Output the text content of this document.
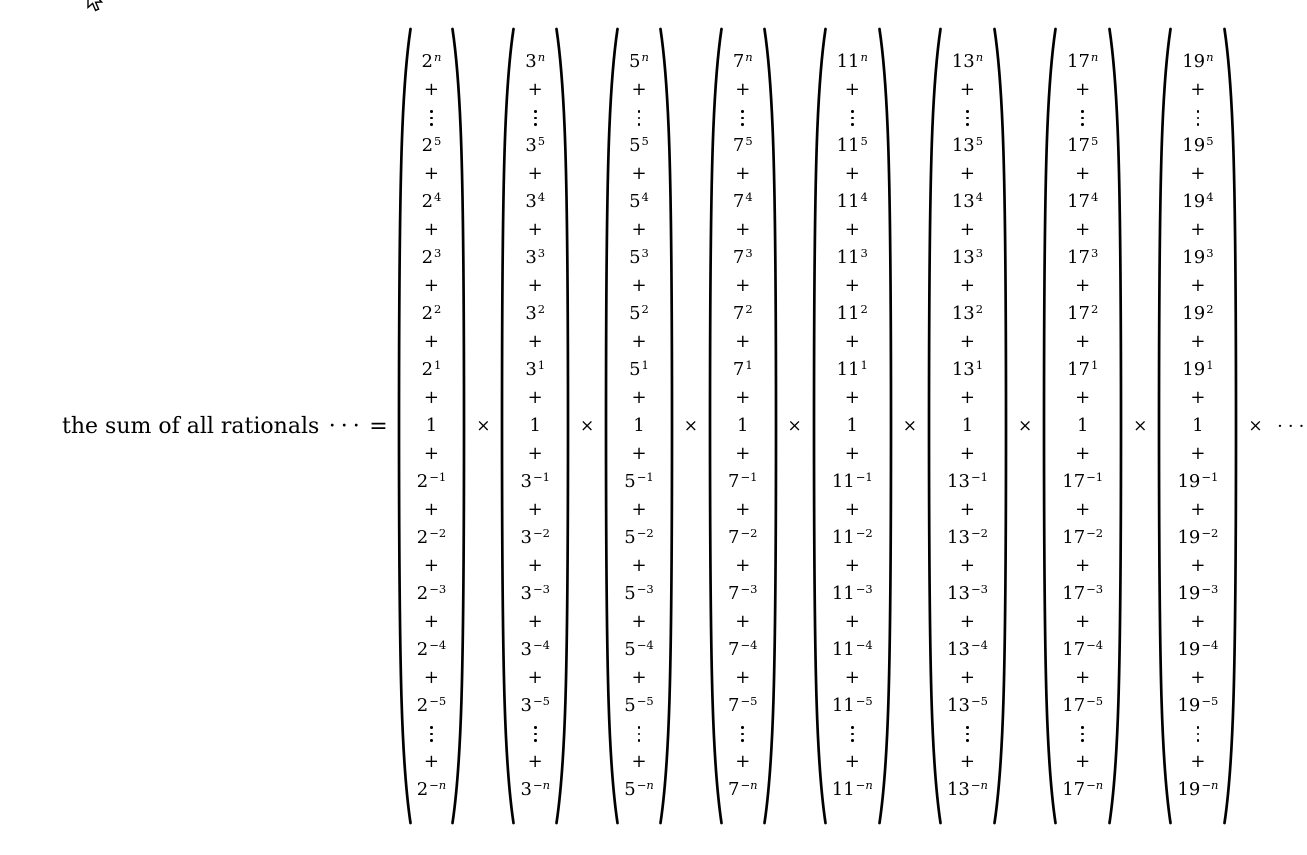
the sum of all rationals · · · =
2 $^n$
+
$2^5$
+
$2^4$
+
$2^3$
+
$2^2$
+
$2^1$
+
1
+
$2^{-1}$
+
$2^{-2}$
+
$2^{-3}$
+
$2^{-4}$
+
$2^{-5}$
+
$2^{-n}$
×
3 $^n$
+
$3^5$
+
$3^4$
+
$3^3$
+
$3^2$
+
$3^1$
+
1
+
$3^{-1}$
+
$3^{-2}$
+
$3^{-3}$
+
$3^{-4}$
+
$3^{-5}$
+
$3^{-n}$
×
5 $^n$
+
$5^5$
+
$5^4$
+
$5^3$
+
$5^2$
+
$5^1$
+
1
+
$5^{-1}$
+
$5^{-2}$
+
$5^{-3}$
+
$5^{-4}$
+
$5^{-5}$
+
$5^{-n}$
×
7 $^n$
+
$7^5$
+
$7^4$
+
$7^3$
+
$7^2$
+
$7^1$
+
1
+
$7^{-1}$
+
$7^{-2}$
+
$7^{-3}$
+
$7^{-4}$
+
$7^{-5}$
+
$7^{-n}$
×
11 $^n$
+
$11^5$
+
$11^4$
+
$11^3$
+
$11^2$
+
$11^1$
+
1
+
$11^{-1}$
+
$11^{-2}$
+
$11^{-3}$
+
$11^{-4}$
+
$11^{-5}$
+
$11^{-n}$
×
13 $^n$
+
$13^5$
+
$13^4$
+
$13^3$
+
$13^2$
+
$13^1$
+
1
+
$13^{-1}$
+
$13^{-2}$
+
$13^{-3}$
+
$13^{-4}$
+
$13^{-5}$
+
$13^{-n}$
×
17 $^n$
+
$17^5$
+
$17^4$
+
$17^3$
+
$17^2$
+
$17^1$
+
1
+
$17^{-1}$
+
$17^{-2}$
+
$17^{-3}$
+
$17^{-4}$
+
$17^{-5}$
+
$17^{-n}$
×
19 $^n$
+
$19^5$
+
$19^4$
+
$19^3$
+
$19^2$
+
$19^1$
+
1
+
$19^{-1}$
+
$19^{-2}$
+
$19^{-3}$
+
$19^{-4}$
+
$19^{-5}$
+
$19^{-n}$
× · · ·
